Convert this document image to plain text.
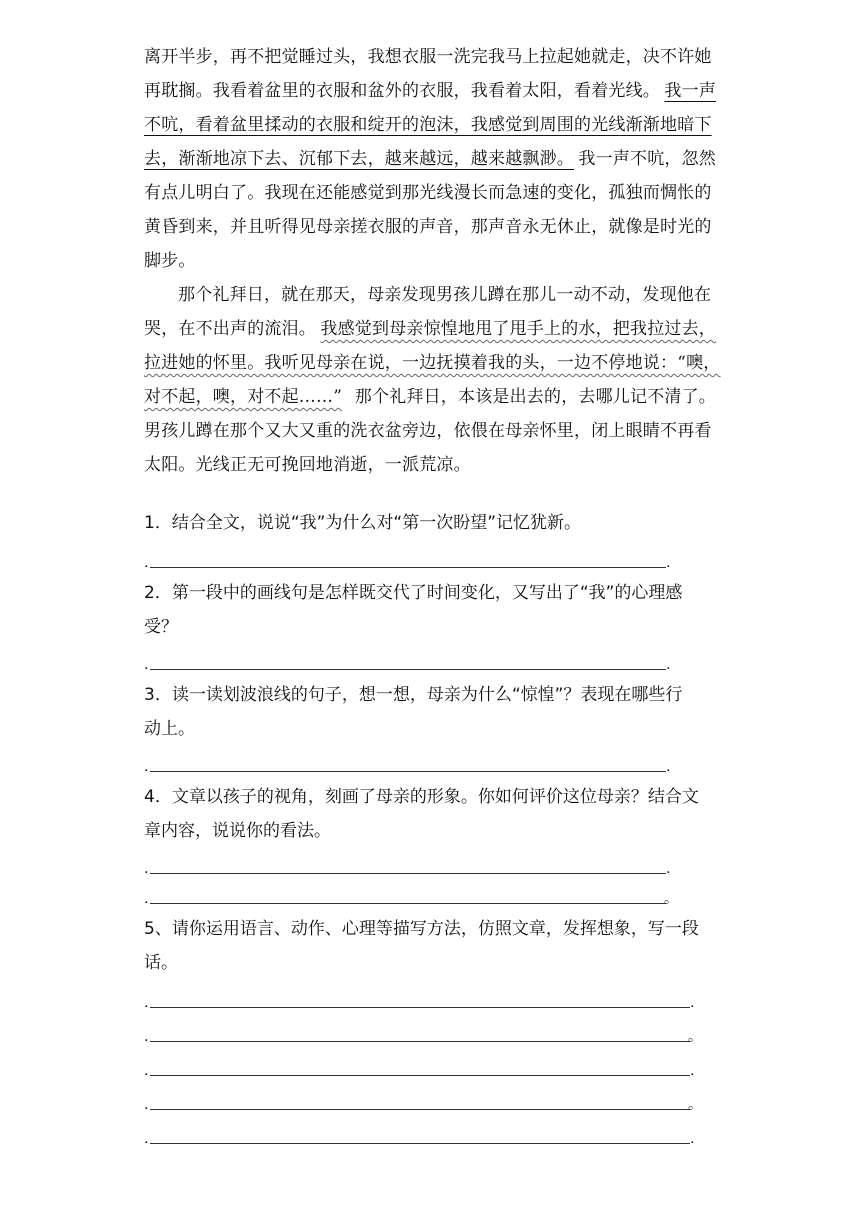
离开半步，再不把觉睡过头，我想衣服一洗完我马上拉起她就走，决不许她
再耽搁。我看着盆里的衣服和盆外的衣服，我看着太阳，看着光线。 我一声
不吭，看着盆里揉动的衣服和绽开的泡沫，我感觉到周围的光线渐渐地暗下
去，渐渐地凉下去、沉郁下去，越来越远，越来越飘渺。 我一声不吭，忽然
有点儿明白了。我现在还能感觉到那光线漫长而急速的变化，孤独而惆怅的
黄昏到来，并且听得见母亲搓衣服的声音，那声音永无休止，就像是时光的
脚步。
那个礼拜日，就在那天，母亲发现男孩儿蹲在那儿一动不动，发现他在
哭，在不出声的流泪。 我感觉到母亲惊惶地甩了甩手上的水，把我拉过去，
拉进她的怀里。我听见母亲在说，一边抚摸着我的头，一边不停地说：“噢，
对不起，噢，对不起……” 那个礼拜日，本该是出去的，去哪儿记不清了。
男孩儿蹲在那个又大又重的洗衣盆旁边，依偎在母亲怀里，闭上眼睛不再看
太阳。光线正无可挽回地消逝，一派荒凉。
1．结合全文，说说“我”为什么对“第一次盼望”记忆犹新。
.	.
2．第一段中的画线句是怎样既交代了时间变化，又写出了“我”的心理感
受？
.	.
3．读一读划波浪线的句子，想一想，母亲为什么“惊惶”？表现在哪些行
动上。
.	.
4．文章以孩子的视角，刻画了母亲的形象。你如何评价这位母亲？结合文
章内容，说说你的看法。
.	.
.	。
5、请你运用语言、动作、心理等描写方法，仿照文章，发挥想象，写一段
话。
.	.
.	。
.	.
.	。
.	.
